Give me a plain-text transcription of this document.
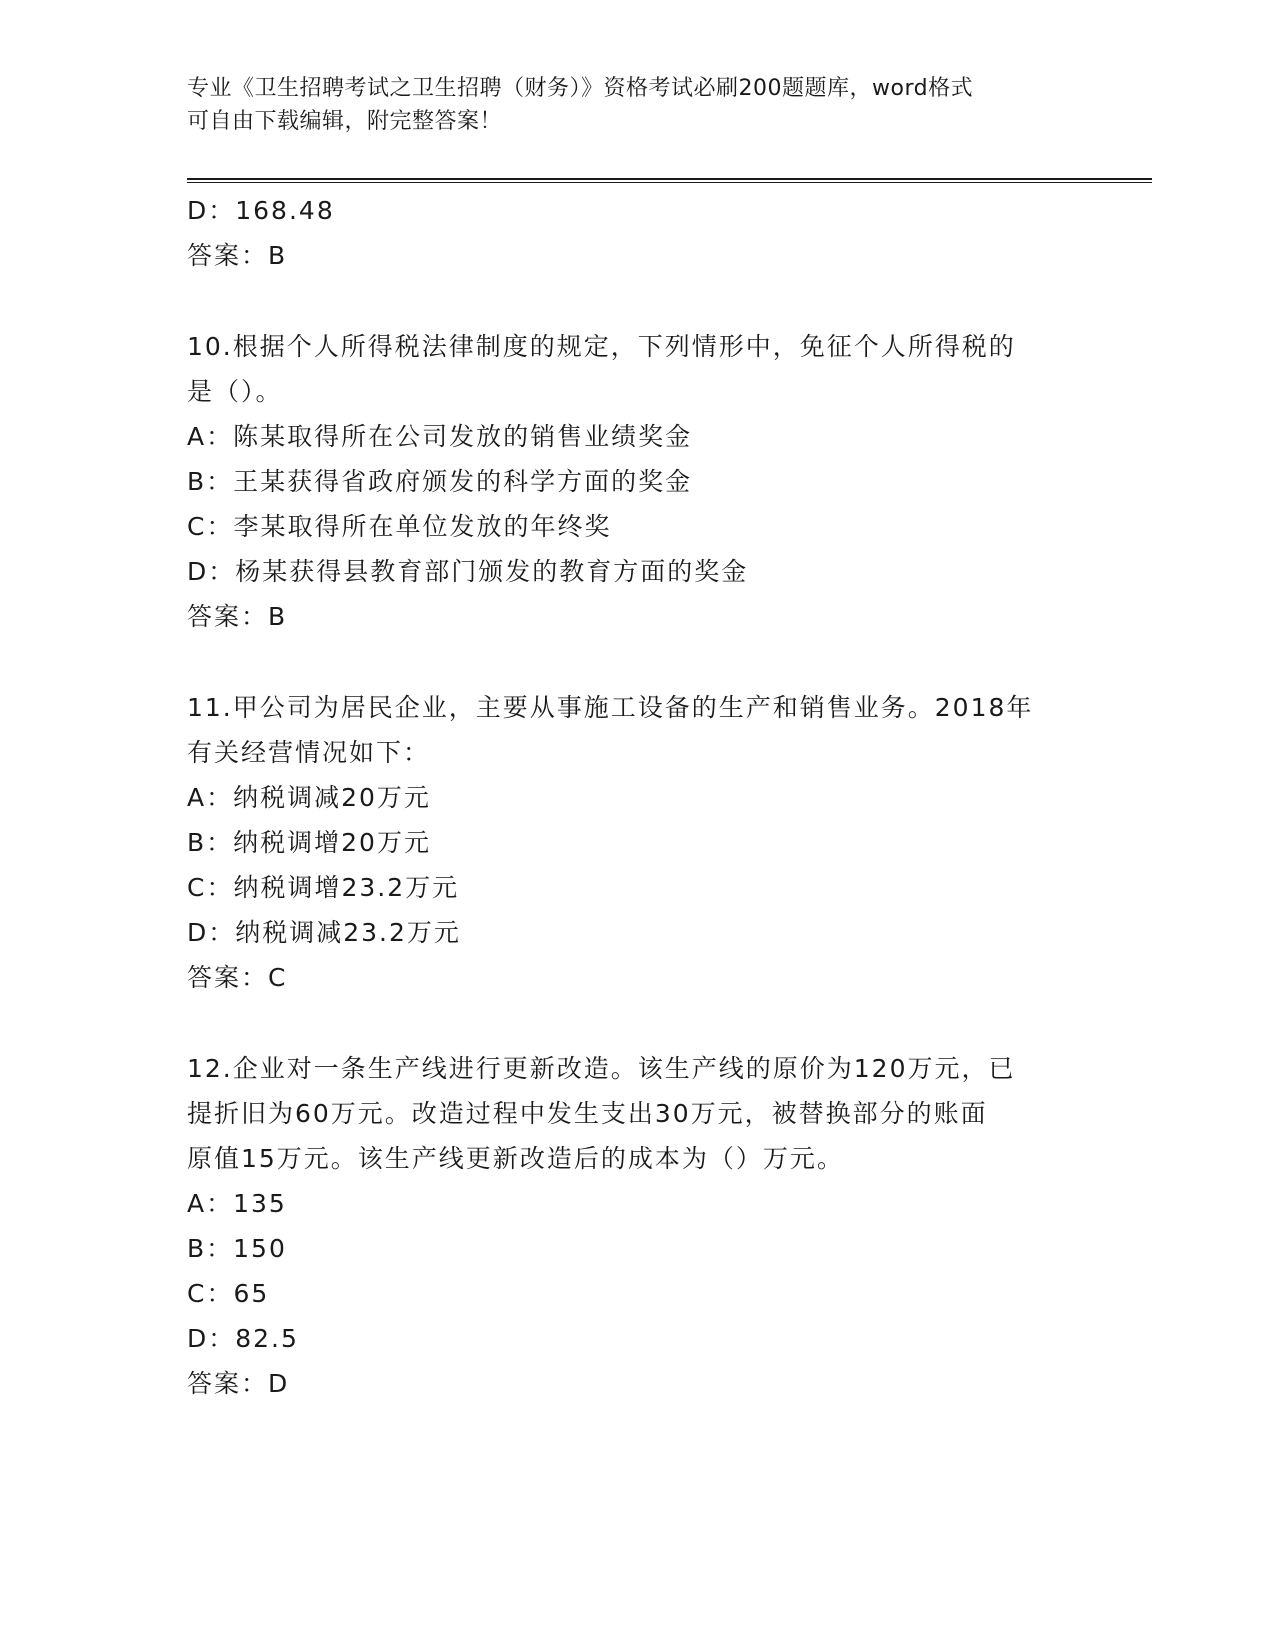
专业《卫生招聘考试之卫生招聘（财务）》资格考试必刷200题题库，word格式
可自由下载编辑，附完整答案！
D：168.48
答案：B
10.根据个人所得税法律制度的规定，下列情形中，免征个人所得税的
是（）。
A：陈某取得所在公司发放的销售业绩奖金
B：王某获得省政府颁发的科学方面的奖金
C：李某取得所在单位发放的年终奖
D：杨某获得县教育部门颁发的教育方面的奖金
答案：B
11.甲公司为居民企业，主要从事施工设备的生产和销售业务。2018年
有关经营情况如下：
A：纳税调减20万元
B：纳税调增20万元
C：纳税调增23.2万元
D：纳税调减23.2万元
答案：C
12.企业对一条生产线进行更新改造。该生产线的原价为120万元，已
提折旧为60万元。改造过程中发生支出30万元，被替换部分的账面
原值15万元。该生产线更新改造后的成本为（）万元。
A：135
B：150
C：65
D：82.5
答案：D
